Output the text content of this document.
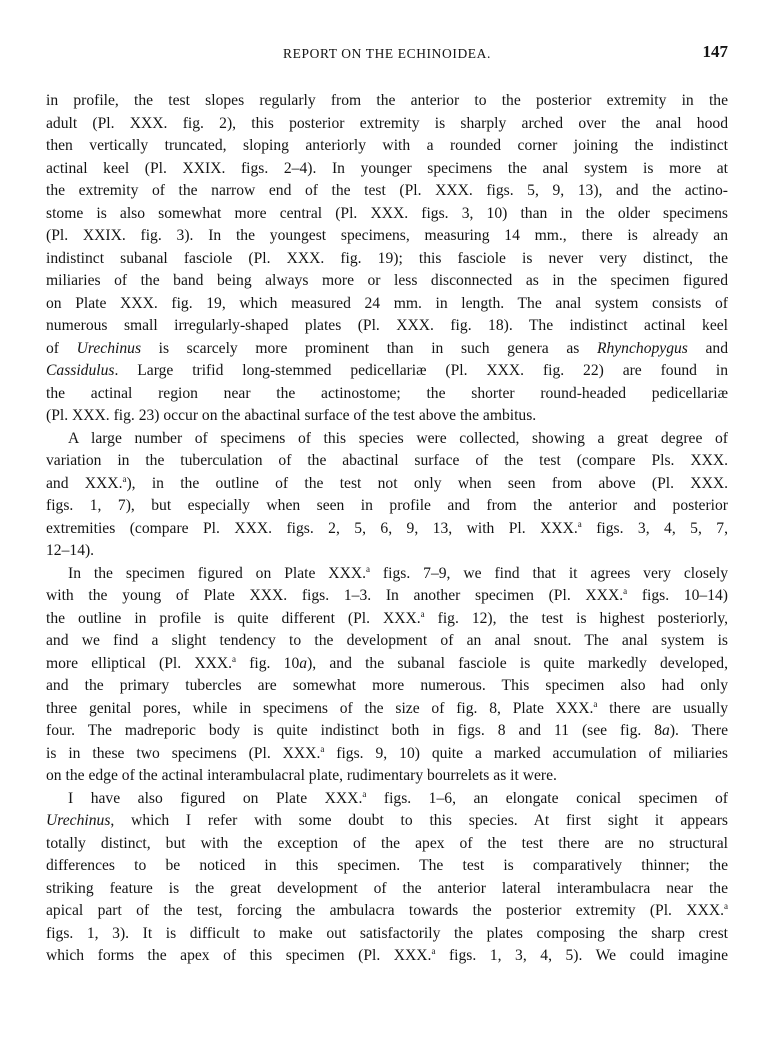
REPORT ON THE ECHINOIDEA.	147

in profile, the test slopes regularly from the anterior to the posterior extremity in the
adult (Pl. XXX. fig. 2), this posterior extremity is sharply arched over the anal hood
then vertically truncated, sloping anteriorly with a rounded corner joining the indistinct
actinal keel (Pl. XXIX. figs. 2–4). In younger specimens the anal system is more at
the extremity of the narrow end of the test (Pl. XXX. figs. 5, 9, 13), and the actino-
stome is also somewhat more central (Pl. XXX. figs. 3, 10) than in the older specimens
(Pl. XXIX. fig. 3). In the youngest specimens, measuring 14 mm., there is already an
indistinct subanal fasciole (Pl. XXX. fig. 19); this fasciole is never very distinct, the
miliaries of the band being always more or less disconnected as in the specimen figured
on Plate XXX. fig. 19, which measured 24 mm. in length. The anal system consists of
numerous small irregularly-shaped plates (Pl. XXX. fig. 18). The indistinct actinal keel
of Urechinus is scarcely more prominent than in such genera as Rhynchopygus and
Cassidulus. Large trifid long-stemmed pedicellariæ (Pl. XXX. fig. 22) are found in
the actinal region near the actinostome; the shorter round-headed pedicellariæ
(Pl. XXX. fig. 23) occur on the abactinal surface of the test above the ambitus.

A large number of specimens of this species were collected, showing a great degree of
variation in the tuberculation of the abactinal surface of the test (compare Pls. XXX.
and XXX.$^a$), in the outline of the test not only when seen from above (Pl. XXX.
figs. 1, 7), but especially when seen in profile and from the anterior and posterior
extremities (compare Pl. XXX. figs. 2, 5, 6, 9, 13, with Pl. XXX.$^a$ figs. 3, 4, 5, 7,
12–14).

In the specimen figured on Plate XXX.$^a$ figs. 7–9, we find that it agrees very closely
with the young of Plate XXX. figs. 1–3. In another specimen (Pl. XXX.$^a$ figs. 10–14)
the outline in profile is quite different (Pl. XXX.$^a$ fig. 12), the test is highest posteriorly,
and we find a slight tendency to the development of an anal snout. The anal system is
more elliptical (Pl. XXX.$^a$ fig. 10a), and the subanal fasciole is quite markedly developed,
and the primary tubercles are somewhat more numerous. This specimen also had only
three genital pores, while in specimens of the size of fig. 8, Plate XXX.$^a$ there are usually
four. The madreporic body is quite indistinct both in figs. 8 and 11 (see fig. 8a). There
is in these two specimens (Pl. XXX.$^a$ figs. 9, 10) quite a marked accumulation of miliaries
on the edge of the actinal interambulacral plate, rudimentary bourrelets as it were.

I have also figured on Plate XXX.$^a$ figs. 1–6, an elongate conical specimen of
Urechinus, which I refer with some doubt to this species. At first sight it appears
totally distinct, but with the exception of the apex of the test there are no structural
differences to be noticed in this specimen. The test is comparatively thinner; the
striking feature is the great development of the anterior lateral interambulacra near the
apical part of the test, forcing the ambulacra towards the posterior extremity (Pl. XXX.$^a$
figs. 1, 3). It is difficult to make out satisfactorily the plates composing the sharp crest
which forms the apex of this specimen (Pl. XXX.$^a$ figs. 1, 3, 4, 5). We could imagine
